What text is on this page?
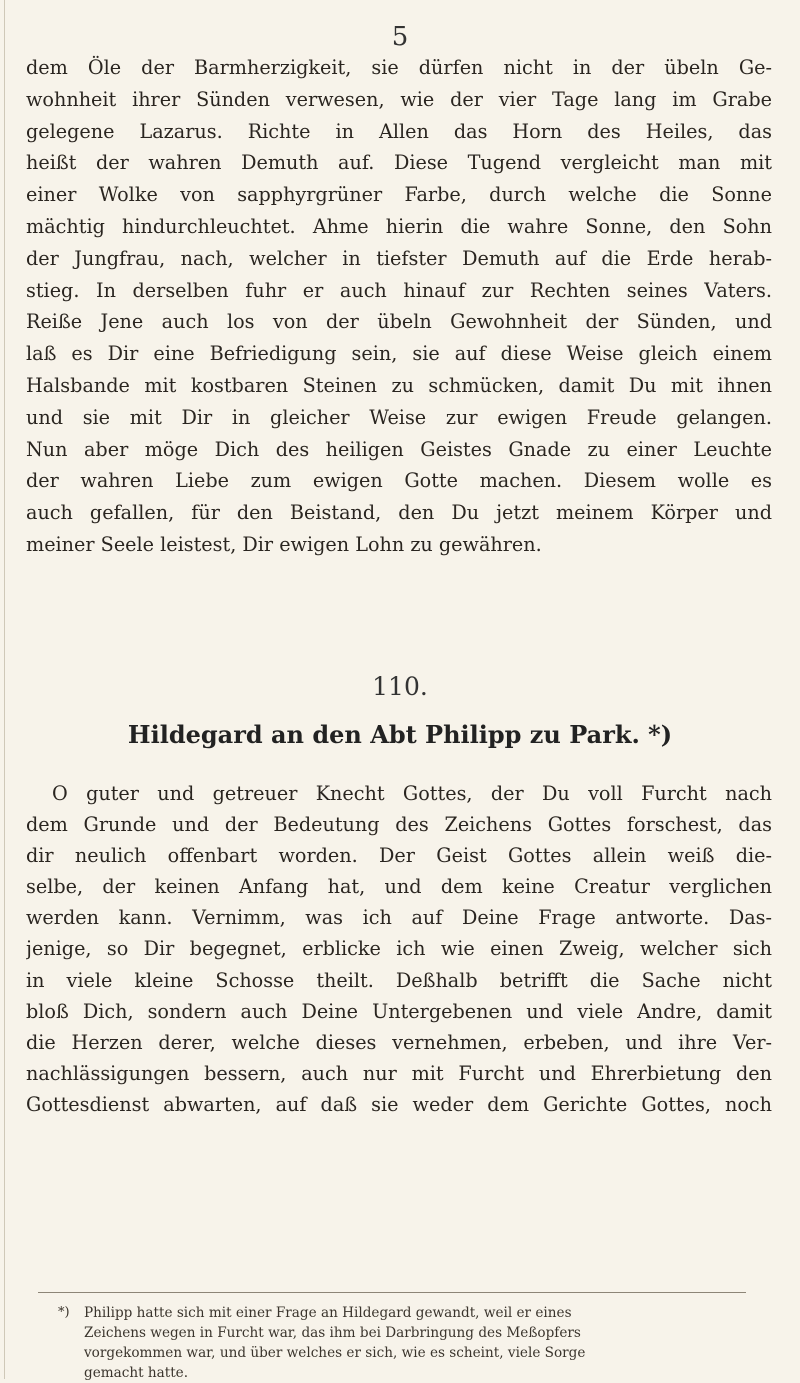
5
dem Öle der Barmherzigkeit, sie dürfen nicht in der übeln Ge-
wohnheit ihrer Sünden verwesen, wie der vier Tage lang im Grabe
gelegene Lazarus. Richte in Allen das Horn des Heiles, das
heißt der wahren Demuth auf. Diese Tugend vergleicht man mit
einer Wolke von sapphyrgrüner Farbe, durch welche die Sonne
mächtig hindurchleuchtet. Ahme hierin die wahre Sonne, den Sohn
der Jungfrau, nach, welcher in tiefster Demuth auf die Erde herab-
stieg. In derselben fuhr er auch hinauf zur Rechten seines Vaters.
Reiße Jene auch los von der übeln Gewohnheit der Sünden, und
laß es Dir eine Befriedigung sein, sie auf diese Weise gleich einem
Halsbande mit kostbaren Steinen zu schmücken, damit Du mit ihnen
und sie mit Dir in gleicher Weise zur ewigen Freude gelangen.
Nun aber möge Dich des heiligen Geistes Gnade zu einer Leuchte
der wahren Liebe zum ewigen Gotte machen. Diesem wolle es
auch gefallen, für den Beistand, den Du jetzt meinem Körper und
meiner Seele leistest, Dir ewigen Lohn zu gewähren.
110.
Hildegard an den Abt Philipp zu Park. *)
O guter und getreuer Knecht Gottes, der Du voll Furcht nach
dem Grunde und der Bedeutung des Zeichens Gottes forschest, das
dir neulich offenbart worden. Der Geist Gottes allein weiß die-
selbe, der keinen Anfang hat, und dem keine Creatur verglichen
werden kann. Vernimm, was ich auf Deine Frage antworte. Das-
jenige, so Dir begegnet, erblicke ich wie einen Zweig, welcher sich
in viele kleine Schosse theilt. Deßhalb betrifft die Sache nicht
bloß Dich, sondern auch Deine Untergebenen und viele Andre, damit
die Herzen derer, welche dieses vernehmen, erbeben, und ihre Ver-
nachlässigungen bessern, auch nur mit Furcht und Ehrerbietung den
Gottesdienst abwarten, auf daß sie weder dem Gerichte Gottes, noch
*) Philipp hatte sich mit einer Frage an Hildegard gewandt, weil er eines
Zeichens wegen in Furcht war, das ihm bei Darbringung des Meßopfers
vorgekommen war, und über welches er sich, wie es scheint, viele Sorge
gemacht hatte.
